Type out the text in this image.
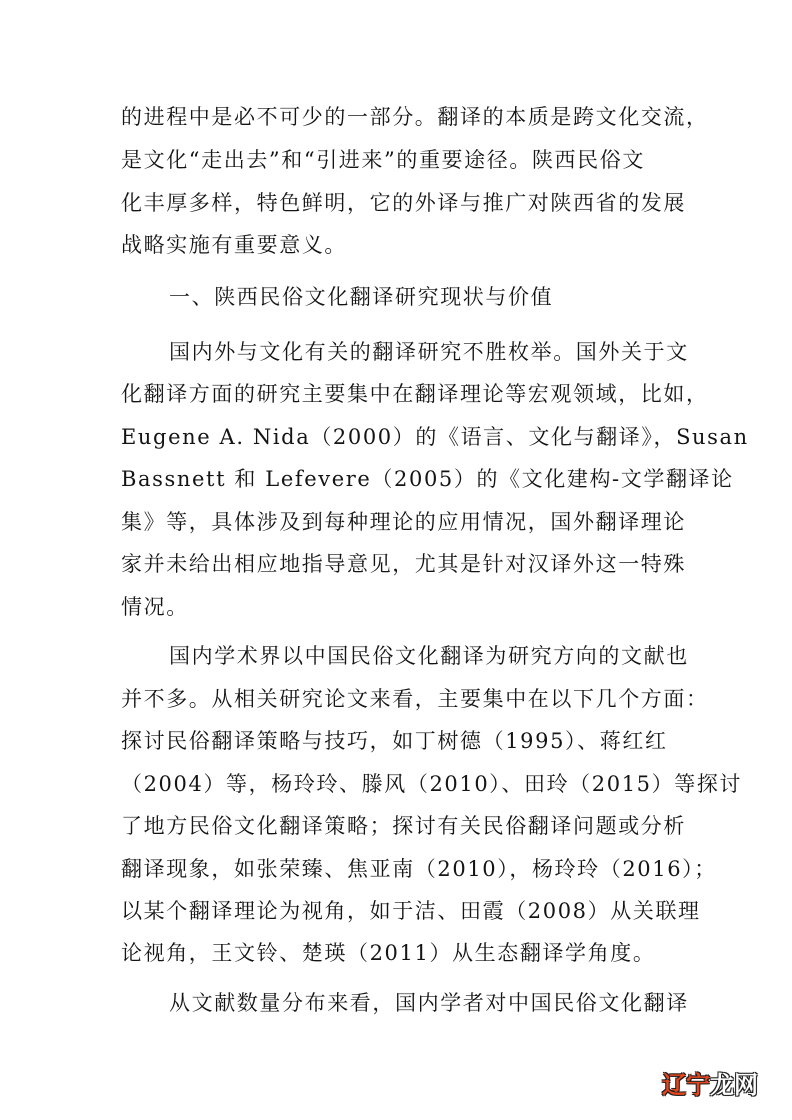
的进程中是必不可少的一部分。翻译的本质是跨文化交流，
是文化“走出去”和“引进来”的重要途径。陕西民俗文
化丰厚多样，特色鲜明，它的外译与推广对陕西省的发展
战略实施有重要意义。
一、陕西民俗文化翻译研究现状与价值
国内外与文化有关的翻译研究不胜枚举。国外关于文
化翻译方面的研究主要集中在翻译理论等宏观领域，比如，
Eugene A. Nida（2000）的《语言、文化与翻译》，Susan
Bassnett 和 Lefevere（2005）的《文化建构-文学翻译论
集》等，具体涉及到每种理论的应用情况，国外翻译理论
家并未给出相应地指导意见，尤其是针对汉译外这一特殊
情况。
国内学术界以中国民俗文化翻译为研究方向的文献也
并不多。从相关研究论文来看，主要集中在以下几个方面：
探讨民俗翻译策略与技巧，如丁树德（1995）、蒋红红
（2004）等，杨玲玲、滕风（2010）、田玲（2015）等探讨
了地方民俗文化翻译策略；探讨有关民俗翻译问题或分析
翻译现象，如张荣臻、焦亚南（2010），杨玲玲（2016）；
以某个翻译理论为视角，如于洁、田霞（2008）从关联理
论视角，王文铃、楚瑛（2011）从生态翻译学角度。
从文献数量分布来看，国内学者对中国民俗文化翻译
辽宁龙网
